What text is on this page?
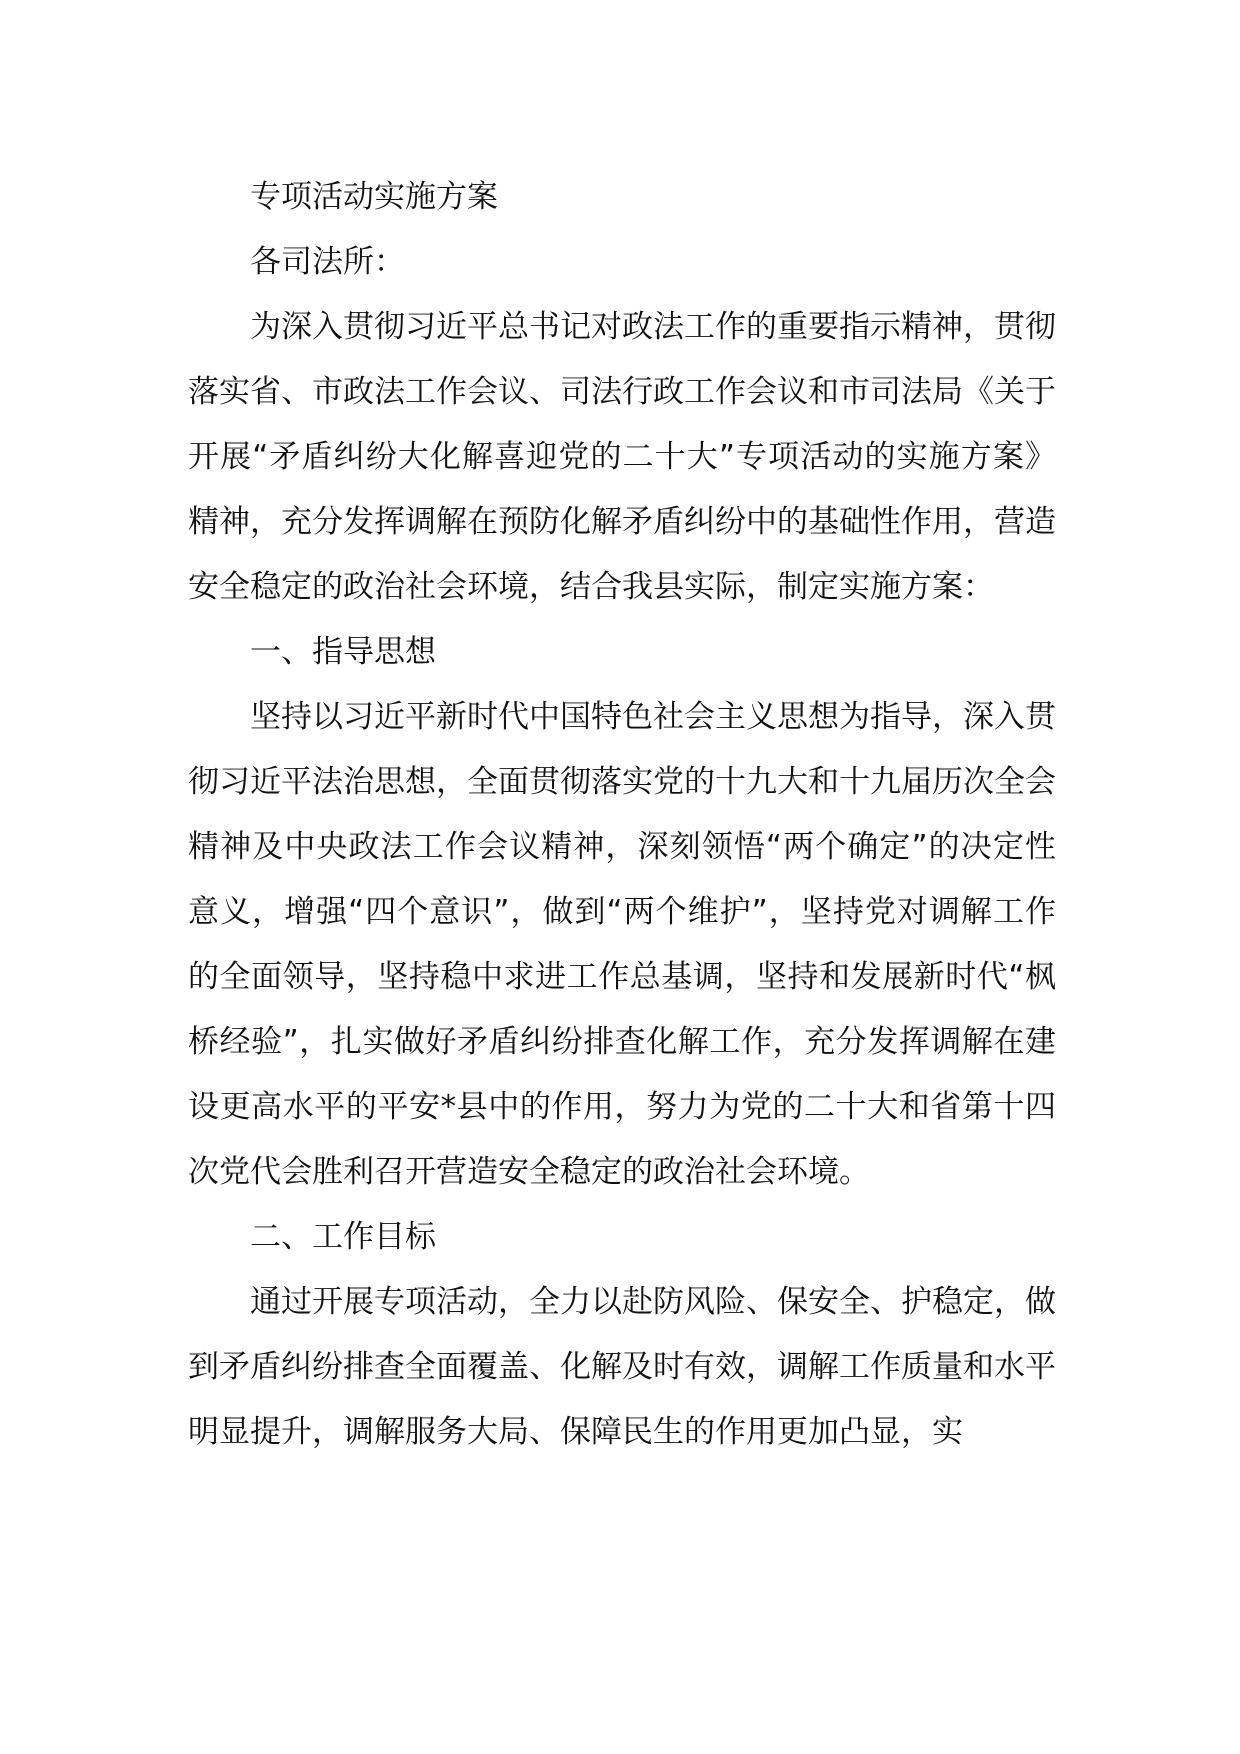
专项活动实施方案

各司法所：

为深入贯彻习近平总书记对政法工作的重要指示精神，贯彻落实省、市政法工作会议、司法行政工作会议和市司法局《关于开展“矛盾纠纷大化解喜迎党的二十大”专项活动的实施方案》精神，充分发挥调解在预防化解矛盾纠纷中的基础性作用，营造安全稳定的政治社会环境，结合我县实际，制定实施方案：

一、指导思想

坚持以习近平新时代中国特色社会主义思想为指导，深入贯彻习近平法治思想，全面贯彻落实党的十九大和十九届历次全会精神及中央政法工作会议精神，深刻领悟“两个确定”的决定性意义，增强“四个意识”，做到“两个维护”，坚持党对调解工作的全面领导，坚持稳中求进工作总基调，坚持和发展新时代“枫桥经验”，扎实做好矛盾纠纷排查化解工作，充分发挥调解在建设更高水平的平安*县中的作用，努力为党的二十大和省第十四次党代会胜利召开营造安全稳定的政治社会环境。

二、工作目标

通过开展专项活动，全力以赴防风险、保安全、护稳定，做到矛盾纠纷排查全面覆盖、化解及时有效，调解工作质量和水平明显提升，调解服务大局、保障民生的作用更加凸显，实
